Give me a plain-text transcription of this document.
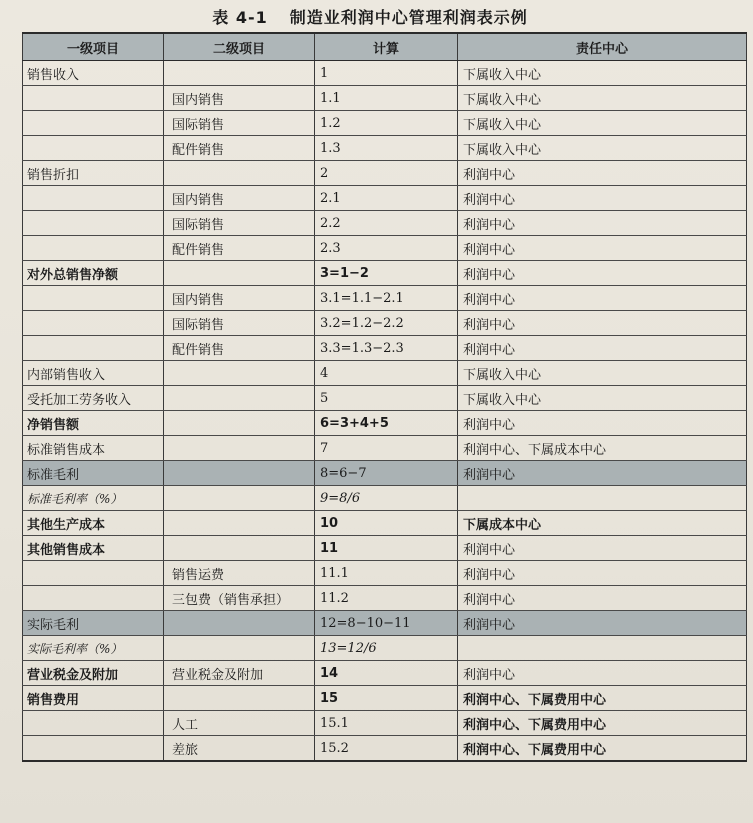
表 4-1 制造业利润中心管理利润表示例
一级项目	二级项目	计算	责任中心
销售收入		1	下属收入中心
	国内销售	1.1	下属收入中心
	国际销售	1.2	下属收入中心
	配件销售	1.3	下属收入中心
销售折扣		2	利润中心
	国内销售	2.1	利润中心
	国际销售	2.2	利润中心
	配件销售	2.3	利润中心
对外总销售净额		3=1−2	利润中心
	国内销售	3.1=1.1−2.1	利润中心
	国际销售	3.2=1.2−2.2	利润中心
	配件销售	3.3=1.3−2.3	利润中心
内部销售收入		4	下属收入中心
受托加工劳务收入		5	下属收入中心
净销售额		6=3+4+5	利润中心
标准销售成本		7	利润中心、下属成本中心
标准毛利		8=6−7	利润中心
标准毛利率（%）		9=8/6	
其他生产成本		10	下属成本中心
其他销售成本		11	利润中心
	销售运费	11.1	利润中心
	三包费（销售承担）	11.2	利润中心
实际毛利		12=8−10−11	利润中心
实际毛利率（%）		13=12/6	
营业税金及附加	营业税金及附加	14	利润中心
销售费用		15	利润中心、下属费用中心
	人工	15.1	利润中心、下属费用中心
	差旅	15.2	利润中心、下属费用中心
